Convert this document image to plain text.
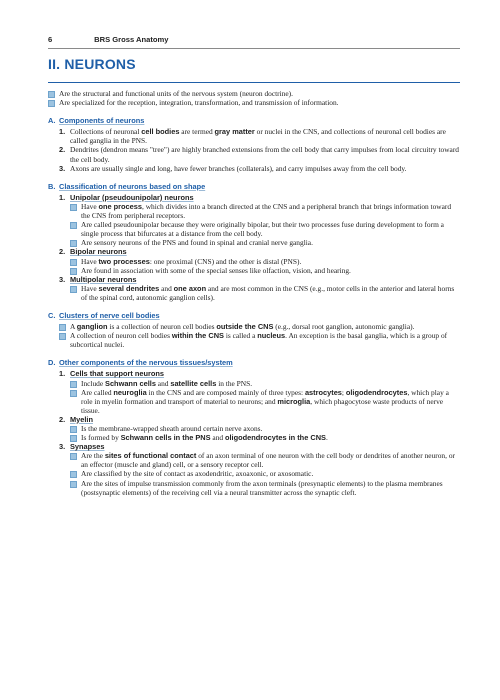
6	BRS Gross Anatomy
II. NEURONS

Are the structural and functional units of the nervous system (neuron doctrine).

Are specialized for the reception, integration, transformation, and transmission of information.

A. Components of neurons

1. Collections of neuronal cell bodies are termed gray matter or nuclei in the CNS, and collections of neuronal cell bodies are called ganglia in the PNS.

2. Dendrites (dendron means "tree") are highly branched extensions from the cell body that carry impulses from local circuitry toward the cell body.

3. Axons are usually single and long, have fewer branches (collaterals), and carry impulses away from the cell body.

B. Classification of neurons based on shape

1. Unipolar (pseudounipolar) neurons

Have one process, which divides into a branch directed at the CNS and a peripheral branch that brings information toward the CNS from peripheral receptors.

Are called pseudounipolar because they were originally bipolar, but their two processes fuse during development to form a single process that bifurcates at a distance from the cell body.

Are sensory neurons of the PNS and found in spinal and cranial nerve ganglia.

2. Bipolar neurons

Have two processes: one proximal (CNS) and the other is distal (PNS).

Are found in association with some of the special senses like olfaction, vision, and hearing.

3. Multipolar neurons

Have several dendrites and one axon and are most common in the CNS (e.g., motor cells in the anterior and lateral horns of the spinal cord, autonomic ganglion cells).

C. Clusters of nerve cell bodies

A ganglion is a collection of neuron cell bodies outside the CNS (e.g., dorsal root ganglion, autonomic ganglia).

A collection of neuron cell bodies within the CNS is called a nucleus. An exception is the basal ganglia, which is a group of subcortical nuclei.

D. Other components of the nervous tissues/system

1. Cells that support neurons

Include Schwann cells and satellite cells in the PNS.

Are called neuroglia in the CNS and are composed mainly of three types: astrocytes; oligodendrocytes, which play a role in myelin formation and transport of material to neurons; and microglia, which phagocytose waste products of nerve tissue.

2. Myelin

Is the membrane-wrapped sheath around certain nerve axons.

Is formed by Schwann cells in the PNS and oligodendrocytes in the CNS.

3. Synapses

Are the sites of functional contact of an axon terminal of one neuron with the cell body or dendrites of another neuron, or an effector (muscle and gland) cell, or a sensory receptor cell.

Are classified by the site of contact as axodendritic, axoaxonic, or axosomatic.

Are the sites of impulse transmission commonly from the axon terminals (presynaptic elements) to the plasma membranes (postsynaptic elements) of the receiving cell via a neural transmitter across the synaptic cleft.
